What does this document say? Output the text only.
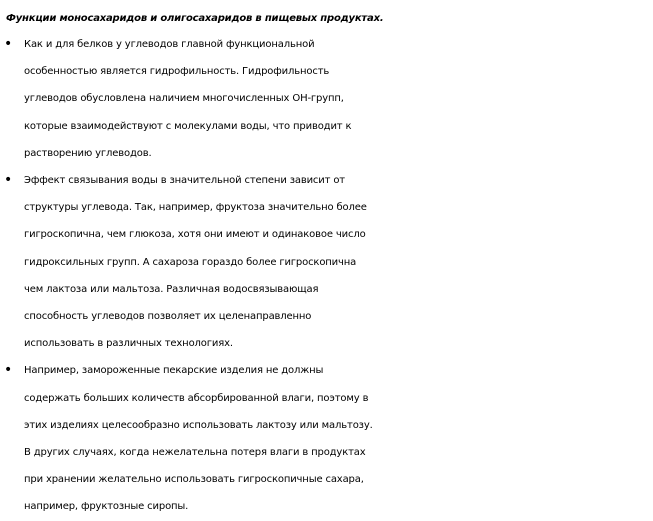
Функции моносахаридов и олигосахаридов в пищевых продуктах.
•	Как и для белков у углеводов главной функциональной
особенностью является гидрофильность. Гидрофильность
углеводов обусловлена наличием многочисленных ОН-групп,
которые взаимодействуют с молекулами воды, что приводит к
растворению углеводов.
•	Эффект связывания воды в значительной степени зависит от
структуры углевода. Так, например, фруктоза значительно более
гигроскопична, чем глюкоза, хотя они имеют и одинаковое число
гидроксильных групп. А сахароза гораздо более гигроскопична
чем лактоза или мальтоза. Различная водосвязывающая
способность углеводов позволяет их целенаправленно
использовать в различных технологиях.
•	Например, замороженные пекарские изделия не должны
содержать больших количеств абсорбированной влаги, поэтому в
этих изделиях целесообразно использовать лактозу или мальтозу.
В других случаях, когда нежелательна потеря влаги в продуктах
при хранении желательно использовать гигроскопичные сахара,
например, фруктозные сиропы.
